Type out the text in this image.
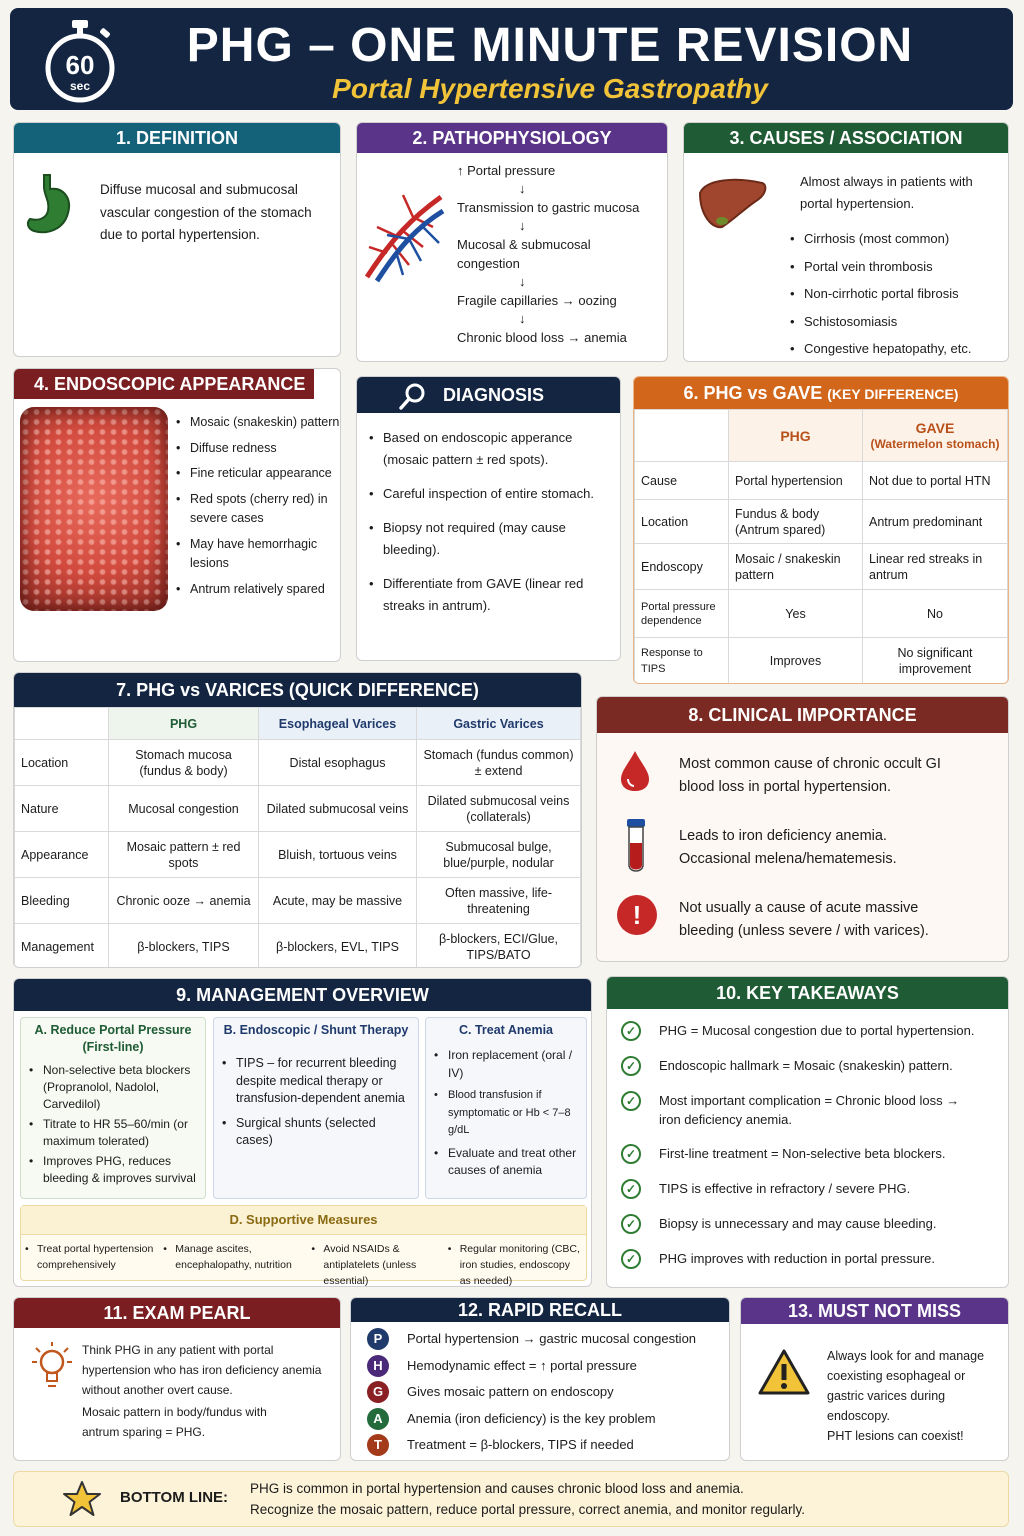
60
sec
PHG – ONE MINUTE REVISION
Portal Hypertensive Gastropathy
1. DEFINITION
Diffuse mucosal and submucosal vascular congestion of the stomach due to portal hypertension.
2. PATHOPHYSIOLOGY
↑ Portal pressure
↓
Transmission to gastric mucosa
↓
Mucosal & submucosal congestion
↓
Fragile capillaries → oozing
↓
Chronic blood loss → anemia
3. CAUSES / ASSOCIATION
Almost always in patients with portal hypertension.
• Cirrhosis (most common)
• Portal vein thrombosis
• Non-cirrhotic portal fibrosis
• Schistosomiasis
• Congestive hepatopathy, etc.
4. ENDOSCOPIC APPEARANCE
• Mosaic (snakeskin) pattern
• Diffuse redness
• Fine reticular appearance
• Red spots (cherry red) in severe cases
• May have hemorrhagic lesions
• Antrum relatively spared
DIAGNOSIS
• Based on endoscopic apperance (mosaic pattern ± red spots).
• Careful inspection of entire stomach.
• Biopsy not required (may cause bleeding).
• Differentiate from GAVE (linear red streaks in antrum).
6. PHG vs GAVE (KEY DIFFERENCE)
	PHG	GAVE
(Watermelon stomach)

Cause	Portal hypertension	Not due to portal HTN
Location	Fundus & body (Antrum spared)	Antrum predominant
Endoscopy	Mosaic / snakeskin pattern	Linear red streaks in antrum
Portal pressure dependence	Yes	No
Response to TIPS	Improves	No significant improvement
7. PHG vs VARICES (QUICK DIFFERENCE)
	PHG	Esophageal Varices	Gastric Varices
Location	Stomach mucosa (fundus & body)	Distal esophagus	Stomach (fundus common) ± extend
Nature	Mucosal congestion	Dilated submucosal veins	Dilated submucosal veins (collaterals)
Appearance	Mosaic pattern ± red spots	Bluish, tortuous veins	Submucosal bulge, blue/purple, nodular
Bleeding	Chronic ooze → anemia	Acute, may be massive	Often massive, life-threatening
Management	β-blockers, TIPS	β-blockers, EVL, TIPS	β-blockers, ECI/Glue, TIPS/BATO
8. CLINICAL IMPORTANCE
Most common cause of chronic occult GI blood loss in portal hypertension.
Leads to iron deficiency anemia. Occasional melena/hematemesis.
!	Not usually a cause of acute massive bleeding (unless severe / with varices).
9. MANAGEMENT OVERVIEW
A. Reduce Portal Pressure (First-line)
• Non-selective beta blockers (Propranolol, Nadolol, Carvedilol)
• Titrate to HR 55–60/min (or maximum tolerated)
• Improves PHG, reduces bleeding & improves survival
B. Endoscopic / Shunt Therapy
• TIPS – for recurrent bleeding despite medical therapy or transfusion-dependent anemia
• Surgical shunts (selected cases)
C. Treat Anemia
• Iron replacement (oral / IV)
• Blood transfusion if symptomatic or Hb < 7–8 g/dL
• Evaluate and treat other causes of anemia
D. Supportive Measures
• Treat portal hypertension comprehensively
• Manage ascites, encephalopathy, nutrition
• Avoid NSAIDs & antiplatelets (unless essential)
• Regular monitoring (CBC, iron studies, endoscopy as needed)
10. KEY TAKEAWAYS
✓	PHG = Mucosal congestion due to portal hypertension.
✓	Endoscopic hallmark = Mosaic (snakeskin) pattern.
✓	Most important complication = Chronic blood loss → iron deficiency anemia.
✓	First-line treatment = Non-selective beta blockers.
✓	TIPS is effective in refractory / severe PHG.
✓	Biopsy is unnecessary and may cause bleeding.
✓	PHG improves with reduction in portal pressure.
11. EXAM PEARL
Think PHG in any patient with portal hypertension who has iron deficiency anemia without another overt cause.
Mosaic pattern in body/fundus with antrum sparing = PHG.
12. RAPID RECALL
P	Portal hypertension → gastric mucosal congestion
H	Hemodynamic effect = ↑ portal pressure
G	Gives mosaic pattern on endoscopy
A	Anemia (iron deficiency) is the key problem
T	Treatment = β-blockers, TIPS if needed
13. MUST NOT MISS
Always look for and manage coexisting esophageal or gastric varices during endoscopy.
PHT lesions can coexist!
BOTTOM LINE:
PHG is common in portal hypertension and causes chronic blood loss and anemia.
Recognize the mosaic pattern, reduce portal pressure, correct anemia, and monitor regularly.
